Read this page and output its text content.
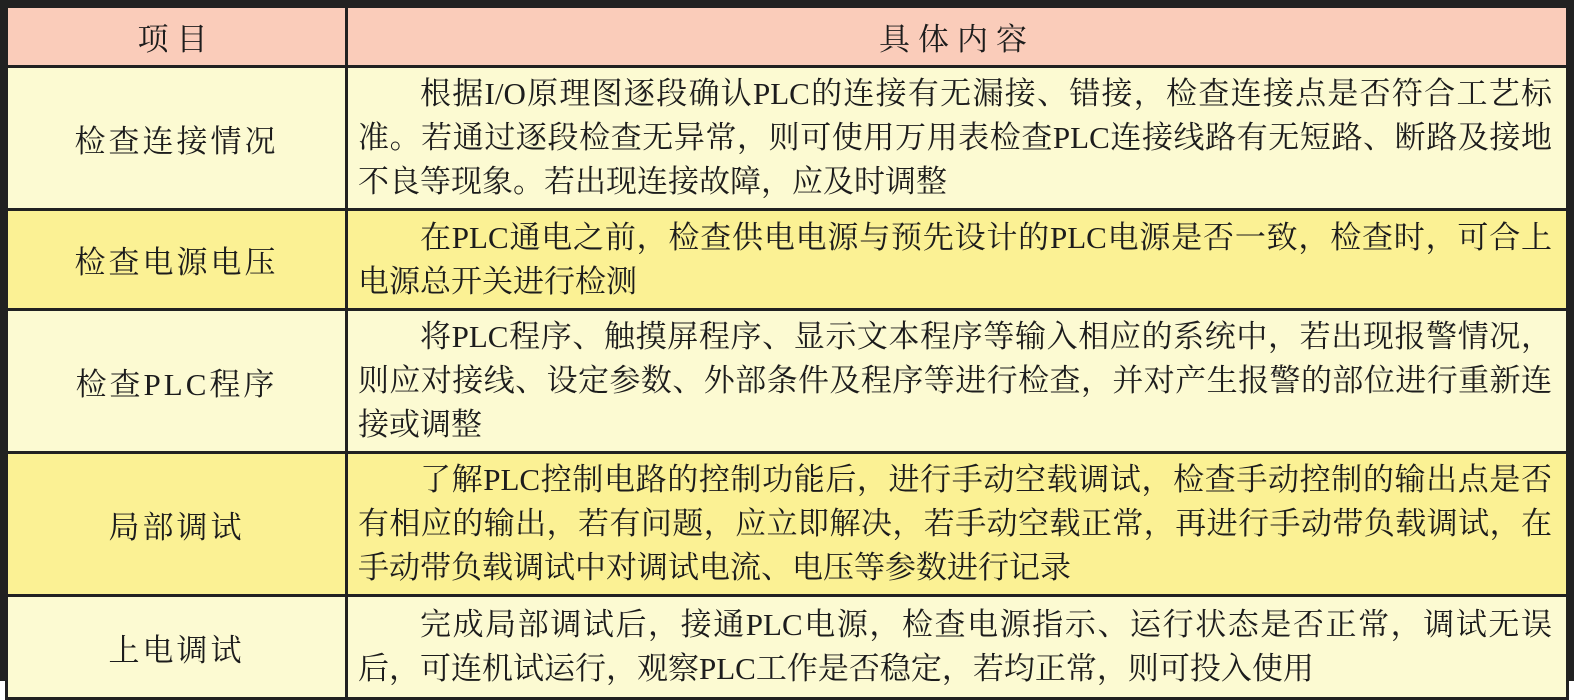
项目	具体内容
检查连接情况	根据I/O原理图逐段确认PLC的连接有无漏接、错接，检查连接点是否符合工艺标准。若通过逐段检查无异常，则可使用万用表检查PLC连接线路有无短路、断路及接地不良等现象。若出现连接故障，应及时调整
检查电源电压	在PLC通电之前，检查供电电源与预先设计的PLC电源是否一致，检查时，可合上电源总开关进行检测
检查PLC程序	将PLC程序、触摸屏程序、显示文本程序等输入相应的系统中，若出现报警情况，则应对接线、设定参数、外部条件及程序等进行检查，并对产生报警的部位进行重新连接或调整
局部调试	了解PLC控制电路的控制功能后，进行手动空载调试，检查手动控制的输出点是否有相应的输出，若有问题，应立即解决，若手动空载正常，再进行手动带负载调试，在手动带负载调试中对调试电流、电压等参数进行记录
上电调试	完成局部调试后，接通PLC电源，检查电源指示、运行状态是否正常，调试无误后，可连机试运行，观察PLC工作是否稳定，若均正常，则可投入使用
